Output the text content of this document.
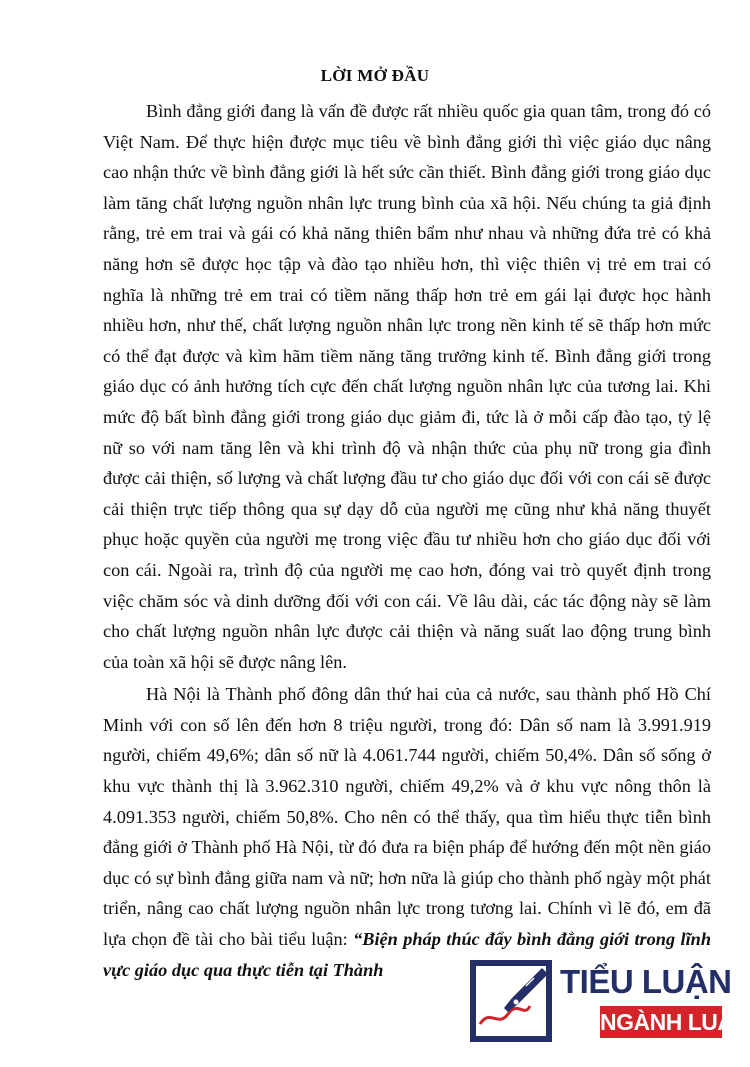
LỜI MỞ ĐẦU

Bình đẳng giới đang là vấn đề được rất nhiều quốc gia quan tâm, trong đó có Việt Nam. Để thực hiện được mục tiêu về bình đẳng giới thì việc giáo dục nâng cao nhận thức về bình đẳng giới là hết sức cần thiết. Bình đẳng giới trong giáo dục làm tăng chất lượng nguồn nhân lực trung bình của xã hội. Nếu chúng ta giả định rằng, trẻ em trai và gái có khả năng thiên bẩm như nhau và những đứa trẻ có khả năng hơn sẽ được học tập và đào tạo nhiều hơn, thì việc thiên vị trẻ em trai có nghĩa là những trẻ em trai có tiềm năng thấp hơn trẻ em gái lại được học hành nhiều hơn, như thế, chất lượng nguồn nhân lực trong nền kinh tế sẽ thấp hơn mức có thể đạt được và kìm hãm tiềm năng tăng trưởng kinh tế. Bình đẳng giới trong giáo dục có ảnh hưởng tích cực đến chất lượng nguồn nhân lực của tương lai. Khi mức độ bất bình đẳng giới trong giáo dục giảm đi, tức là ở mỗi cấp đào tạo, tỷ lệ nữ so với nam tăng lên và khi trình độ và nhận thức của phụ nữ trong gia đình được cải thiện, số lượng và chất lượng đầu tư cho giáo dục đối với con cái sẽ được cải thiện trực tiếp thông qua sự dạy dỗ của người mẹ cũng như khả năng thuyết phục hoặc quyền của người mẹ trong việc đầu tư nhiều hơn cho giáo dục đối với con cái. Ngoài ra, trình độ của người mẹ cao hơn, đóng vai trò quyết định trong việc chăm sóc và dinh dưỡng đối với con cái. Về lâu dài, các tác động này sẽ làm cho chất lượng nguồn nhân lực được cải thiện và năng suất lao động trung bình của toàn xã hội sẽ được nâng lên.

Hà Nội là Thành phố đông dân thứ hai của cả nước, sau thành phố Hồ Chí Minh với con số lên đến hơn 8 triệu người, trong đó: Dân số nam là 3.991.919 người, chiếm 49,6%; dân số nữ là 4.061.744 người, chiếm 50,4%. Dân số sống ở khu vực thành thị là 3.962.310 người, chiếm 49,2% và ở khu vực nông thôn là 4.091.353 người, chiếm 50,8%. Cho nên có thể thấy, qua tìm hiểu thực tiễn bình đẳng giới ở Thành phố Hà Nội, từ đó đưa ra biện pháp để hướng đến một nền giáo dục có sự bình đẳng giữa nam và nữ; hơn nữa là giúp cho thành phố ngày một phát triển, nâng cao chất lượng nguồn nhân lực trong tương lai. Chính vì lẽ đó, em đã lựa chọn đề tài cho bài tiểu luận: “Biện pháp thúc đẩy bình đẳng giới trong lĩnh vực giáo dục qua thực tiễn tại Thành	TIỂU LUẬN
NGÀNH LUẬT
